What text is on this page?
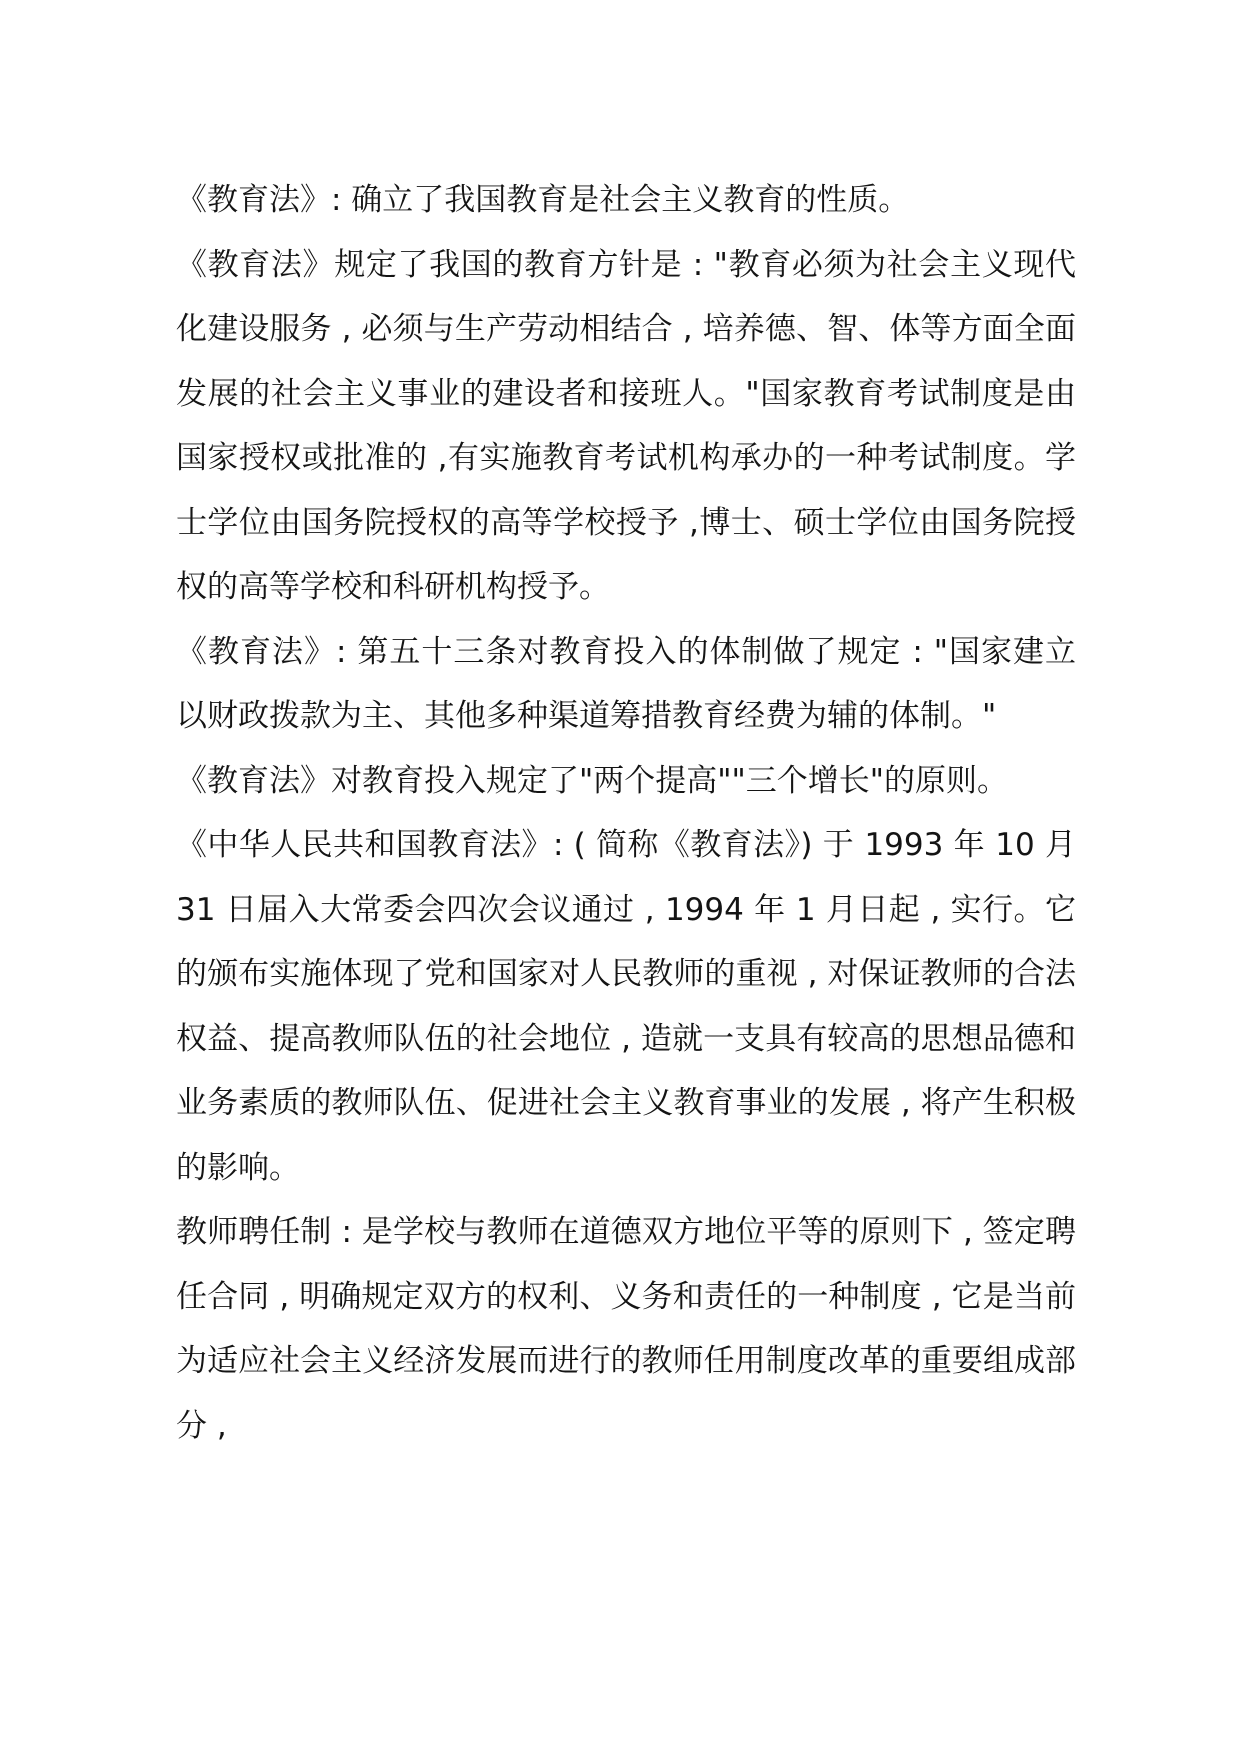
《教育法》: 确立了我国教育是社会主义教育的性质。

《教育法》规定了我国的教育方针是 : "教育必须为社会主义现代化建设服务 , 必须与生产劳动相结合 , 培养德、智、体等方面全面发展的社会主义事业的建设者和接班人。"国家教育考试制度是由国家授权或批准的 ,有实施教育考试机构承办的一种考试制度。学士学位由国务院授权的高等学校授予 ,博士、硕士学位由国务院授权的高等学校和科研机构授予。

《教育法》: 第五十三条对教育投入的体制做了规定 : "国家建立以财政拨款为主、其他多种渠道筹措教育经费为辅的体制。"

《教育法》对教育投入规定了"两个提高""三个增长"的原则。

《中华人民共和国教育法》: ( 简称《教育法》) 于 1993 年 10 月 31 日届入大常委会四次会议通过 , 1994 年 1 月日起 , 实行。它的颁布实施体现了党和国家对人民教师的重视 , 对保证教师的合法权益、提高教师队伍的社会地位 , 造就一支具有较高的思想品德和业务素质的教师队伍、促进社会主义教育事业的发展 , 将产生积极的影响。

教师聘任制 : 是学校与教师在道德双方地位平等的原则下 , 签定聘任合同 , 明确规定双方的权利、义务和责任的一种制度 , 它是当前为适应社会主义经济发展而进行的教师任用制度改革的重要组成部分 ,
